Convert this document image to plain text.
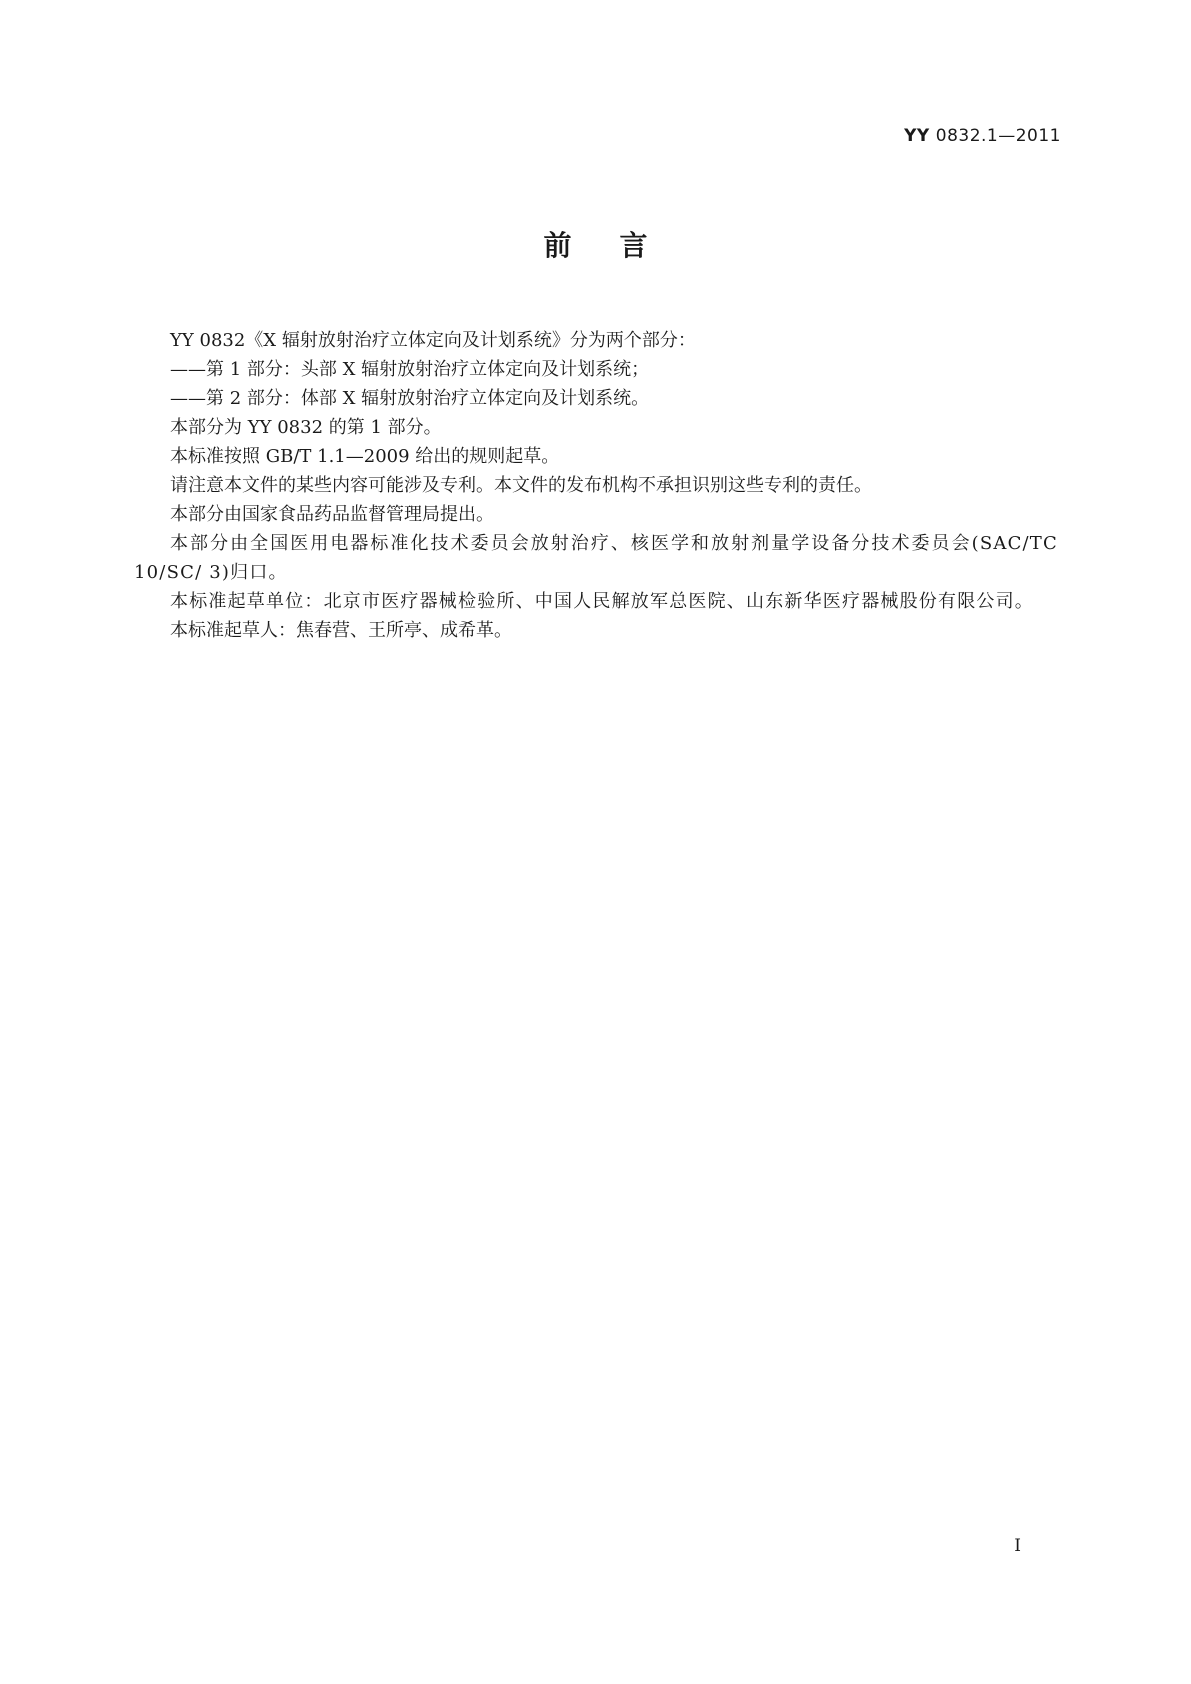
YY 0832.1—2011
前言

YY 0832《X 辐射放射治疗立体定向及计划系统》分为两个部分：

——第 1 部分：头部 X 辐射放射治疗立体定向及计划系统；

——第 2 部分：体部 X 辐射放射治疗立体定向及计划系统。

本部分为 YY 0832 的第 1 部分。

本标准按照 GB/T 1.1—2009 给出的规则起草。

请注意本文件的某些内容可能涉及专利。本文件的发布机构不承担识别这些专利的责任。

本部分由国家食品药品监督管理局提出。

本部分由全国医用电器标准化技术委员会放射治疗、核医学和放射剂量学设备分技术委员会(SAC/TC 10/SC/ 3)归口。

本标准起草单位：北京市医疗器械检验所、中国人民解放军总医院、山东新华医疗器械股份有限公司。

本标准起草人：焦春营、王所亭、成希革。

I
